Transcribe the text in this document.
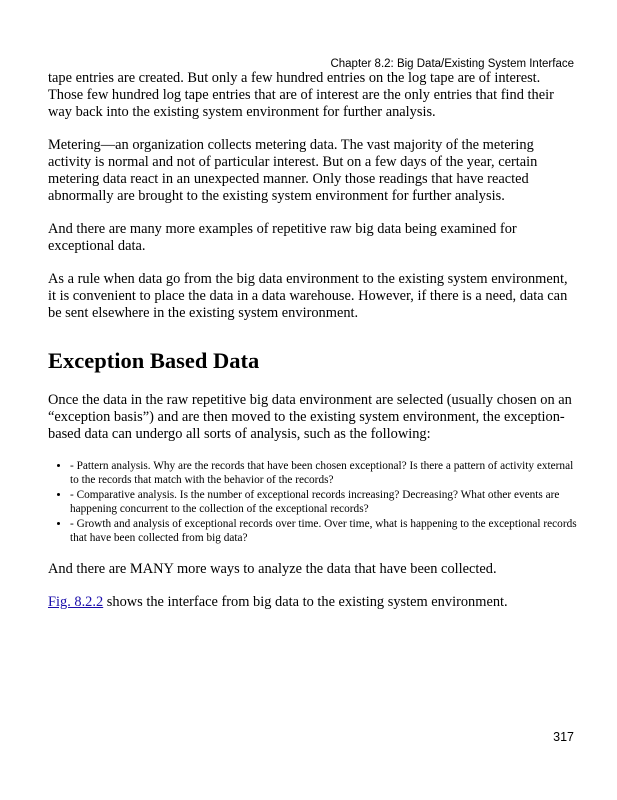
Chapter 8.2: Big Data/Existing System Interface

tape entries are created. But only a few hundred entries on the log tape are of interest. Those few hundred log tape entries that are of interest are the only entries that find their way back into the existing system environment for further analysis.

Metering—an organization collects metering data. The vast majority of the metering activity is normal and not of particular interest. But on a few days of the year, certain metering data react in an unexpected manner. Only those readings that have reacted abnormally are brought to the existing system environment for further analysis.

And there are many more examples of repetitive raw big data being examined for exceptional data.

As a rule when data go from the big data environment to the existing system environment, it is convenient to place the data in a data warehouse. However, if there is a need, data can be sent elsewhere in the existing system environment.

Exception Based Data

Once the data in the raw repetitive big data environment are selected (usually chosen on an “exception basis”) and are then moved to the existing system environment, the exception-based data can undergo all sorts of analysis, such as the following:

• - Pattern analysis. Why are the records that have been chosen exceptional? Is there a pattern of activity external to the records that match with the behavior of the records?
• - Comparative analysis. Is the number of exceptional records increasing? Decreasing? What other events are happening concurrent to the collection of the exceptional records?
• - Growth and analysis of exceptional records over time. Over time, what is happening to the exceptional records that have been collected from big data?

And there are MANY more ways to analyze the data that have been collected.

Fig. 8.2.2 shows the interface from big data to the existing system environment.

317
